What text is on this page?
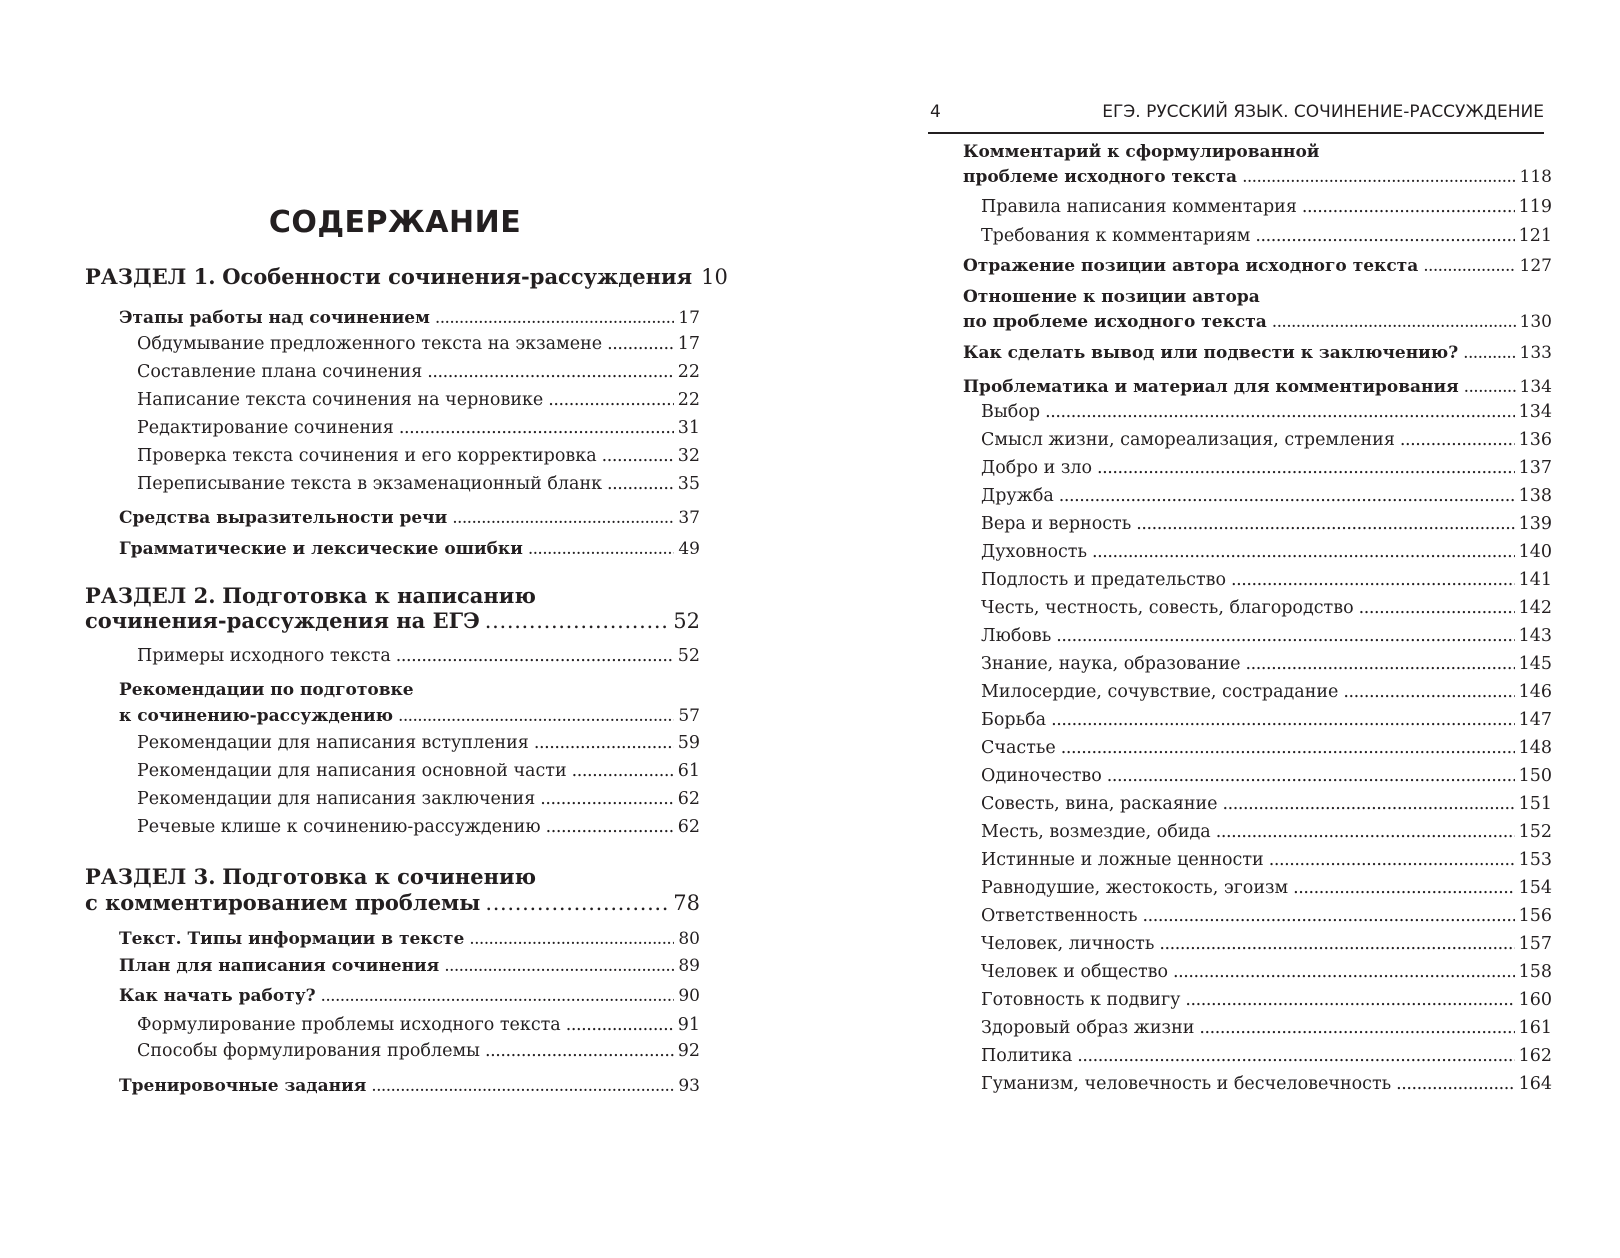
СОДЕРЖАНИЕ
РАЗДЕЛ 1. Особенности сочинения-рассуждения 10
Этапы работы над сочинением . . .	17
Обдумывание предложенного текста на экзамене . . .	17
Составление плана сочинения . . .	22
Написание текста сочинения на черновике . . .	22
Редактирование сочинения . . .	31
Проверка текста сочинения и его корректировка . . .	32
Переписывание текста в экзаменационный бланк . . .	35
Средства выразительности речи . . .	37
Грамматические и лексические ошибки . . .	49
РАЗДЕЛ 2. Подготовка к написанию
сочинения-рассуждения на ЕГЭ . . .	52
Примеры исходного текста . . .	52
Рекомендации по подготовке
к сочинению-рассуждению . . .	57
Рекомендации для написания вступления . . .	59
Рекомендации для написания основной части . . .	61
Рекомендации для написания заключения . . .	62
Речевые клише к сочинению-рассуждению . . .	62
РАЗДЕЛ 3. Подготовка к сочинению
с комментированием проблемы . . .	78
Текст. Типы информации в тексте . . .	80
План для написания сочинения . . .	89
Как начать работу? . . .	90
Формулирование проблемы исходного текста . . .	91
Способы формулирования проблемы . . .	92
Тренировочные задания . . .	93
4	ЕГЭ. РУССКИЙ ЯЗЫК. СОЧИНЕНИЕ-РАССУЖДЕНИЕ
Комментарий к сформулированной
проблеме исходного текста . . .	118
Правила написания комментария . . .	119
Требования к комментариям . . .	121
Отражение позиции автора исходного текста . . .	127
Отношение к позиции автора
по проблеме исходного текста . . .	130
Как сделать вывод или подвести к заключению? . . .	133
Проблематика и материал для комментирования . . .	134
Выбор . . .	134
Смысл жизни, самореализация, стремления . . .	136
Добро и зло . . .	137
Дружба . . .	138
Вера и верность . . .	139
Духовность . . .	140
Подлость и предательство . . .	141
Честь, честность, совесть, благородство . . .	142
Любовь . . .	143
Знание, наука, образование . . .	145
Милосердие, сочувствие, сострадание . . .	146
Борьба . . .	147
Счастье . . .	148
Одиночество . . .	150
Совесть, вина, раскаяние . . .	151
Месть, возмездие, обида . . .	152
Истинные и ложные ценности . . .	153
Равнодушие, жестокость, эгоизм . . .	154
Ответственность . . .	156
Человек, личность . . .	157
Человек и общество . . .	158
Готовность к подвигу . . .	160
Здоровый образ жизни . . .	161
Политика . . .	162
Гуманизм, человечность и бесчеловечность . . .	164
